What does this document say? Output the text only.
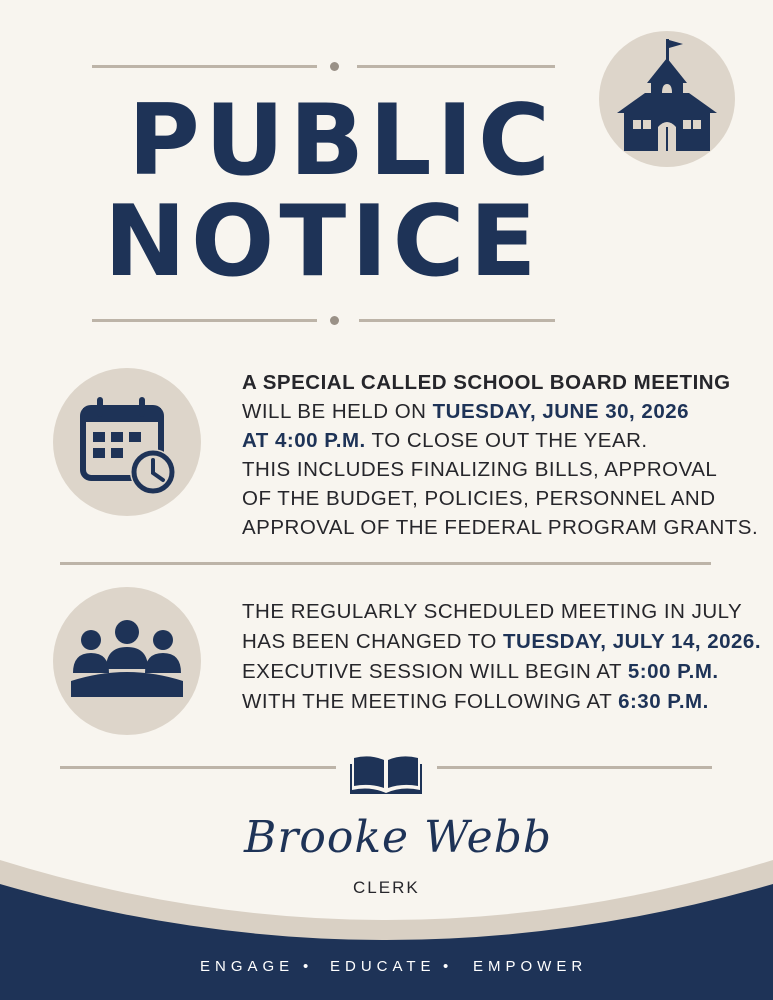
PUBLIC
NOTICE
A SPECIAL CALLED SCHOOL BOARD MEETING
WILL BE HELD ON TUESDAY, JUNE 30, 2026
AT 4:00 P.M. TO CLOSE OUT THE YEAR.
THIS INCLUDES FINALIZING BILLS, APPROVAL
OF THE BUDGET, POLICIES, PERSONNEL AND
APPROVAL OF THE FEDERAL PROGRAM GRANTS.
THE REGULARLY SCHEDULED MEETING IN JULY
HAS BEEN CHANGED TO TUESDAY, JULY 14, 2026.
EXECUTIVE SESSION WILL BEGIN AT 5:00 P.M.
WITH THE MEETING FOLLOWING AT 6:30 P.M.
Brooke Webb
CLERK
ENGAGE • EDUCATE • EMPOWER
